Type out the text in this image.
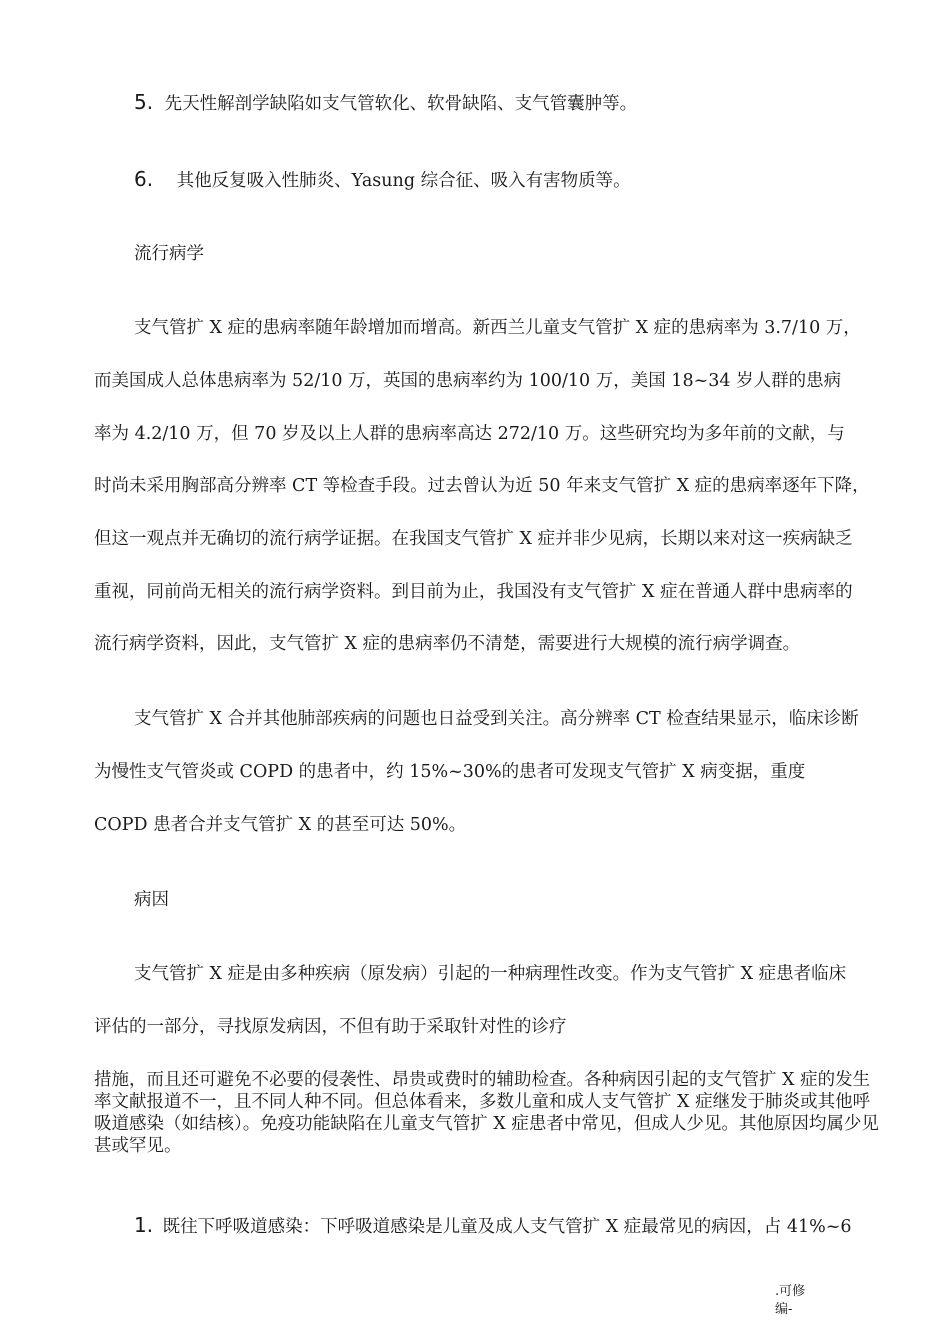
5. 先天性解剖学缺陷如支气管软化、软骨缺陷、支气管囊肿等。
6. 其他反复吸入性肺炎、Yasung 综合征、吸入有害物质等。
流行病学
支气管扩 X 症的患病率随年龄增加而增高。新西兰儿童支气管扩 X 症的患病率为 3.7/10 万，
而美国成人总体患病率为 52/10 万，英国的患病率约为 100/10 万，美国 18~34 岁人群的患病
率为 4.2/10 万，但 70 岁及以上人群的患病率高达 272/10 万。这些研究均为多年前的文献，与
时尚未采用胸部高分辨率 CT 等检查手段。过去曾认为近 50 年来支气管扩 X 症的患病率逐年下降，
但这一观点并无确切的流行病学证据。在我国支气管扩 X 症并非少见病，长期以来对这一疾病缺乏
重视，同前尚无相关的流行病学资料。到目前为止，我国没有支气管扩 X 症在普通人群中患病率的
流行病学资料，因此，支气管扩 X 症的患病率仍不清楚，需要进行大规模的流行病学调查。
支气管扩 X 合并其他肺部疾病的问题也日益受到关注。高分辨率 CT 检查结果显示，临床诊断
为慢性支气管炎或 COPD 的患者中，约 15%~30%的患者可发现支气管扩 X 病变据，重度
COPD 患者合并支气管扩 X 的甚至可达 50%。
病因
支气管扩 X 症是由多种疾病（原发病）引起的一种病理性改变。作为支气管扩 X 症患者临床
评估的一部分，寻找原发病因，不但有助于采取针对性的诊疗
措施，而且还可避免不必要的侵袭性、昂贵或费时的辅助检查。各种病因引起的支气管扩 X 症的发生率文献报道不一，且不同人种不同。但总体看来，多数儿童和成人支气管扩 X 症继发于肺炎或其他呼吸道感染（如结核）。免疫功能缺陷在儿童支气管扩 X 症患者中常见，但成人少见。其他原因均属少见甚或罕见。
1. 既往下呼吸道感染：下呼吸道感染是儿童及成人支气管扩 X 症最常见的病因，占 41%~6
.可修
编-
